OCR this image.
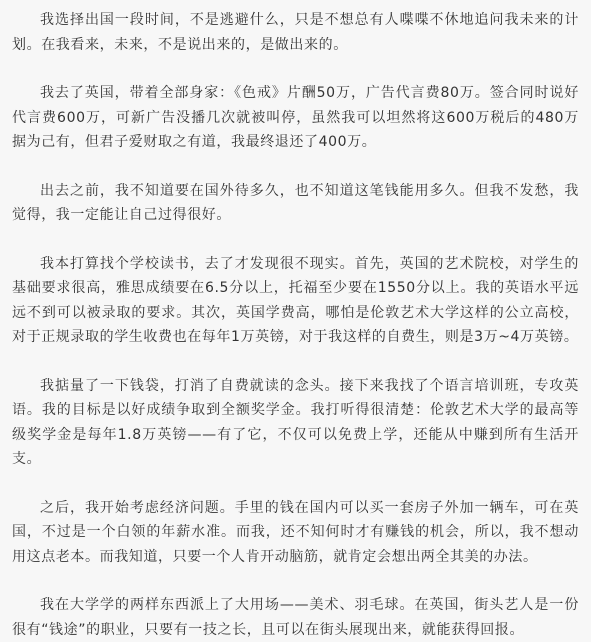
我选择出国一段时间，不是逃避什么，只是不想总有人喋喋不休地追问我未来的计划。在我看来，未来，不是说出来的，是做出来的。

我去了英国，带着全部身家：《色戒》片酬50万，广告代言费80万。签合同时说好代言费600万，可新广告没播几次就被叫停，虽然我可以坦然将这600万税后的480万据为己有，但君子爱财取之有道，我最终退还了400万。

出去之前，我不知道要在国外待多久，也不知道这笔钱能用多久。但我不发愁，我觉得，我一定能让自己过得很好。

我本打算找个学校读书，去了才发现很不现实。首先，英国的艺术院校，对学生的基础要求很高，雅思成绩要在6.5分以上，托福至少要在1550分以上。我的英语水平远远不到可以被录取的要求。其次，英国学费高，哪怕是伦敦艺术大学这样的公立高校，对于正规录取的学生收费也在每年1万英镑，对于我这样的自费生，则是3万~4万英镑。

我掂量了一下钱袋，打消了自费就读的念头。接下来我找了个语言培训班，专攻英语。我的目标是以好成绩争取到全额奖学金。我打听得很清楚：伦敦艺术大学的最高等级奖学金是每年1.8万英镑——有了它，不仅可以免费上学，还能从中赚到所有生活开支。

之后，我开始考虑经济问题。手里的钱在国内可以买一套房子外加一辆车，可在英国，不过是一个白领的年薪水准。而我，还不知何时才有赚钱的机会，所以，我不想动用这点老本。而我知道，只要一个人肯开动脑筋，就肯定会想出两全其美的办法。

我在大学学的两样东西派上了大用场——美术、羽毛球。在英国，街头艺人是一份很有“钱途”的职业，只要有一技之长，且可以在街头展现出来，就能获得回报。
